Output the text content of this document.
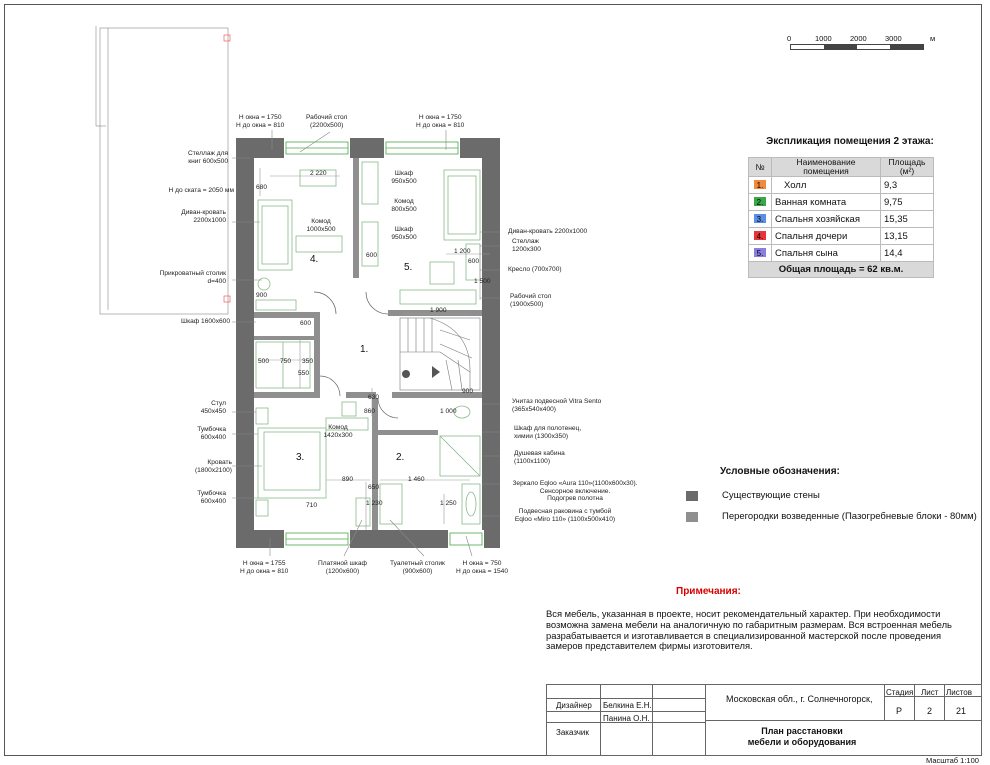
4.
5.
1.
3.	2.
Н окна = 1750
Н до окна = 810
Рабочий стол
(2200х500)
Н окна = 1750
Н до окна = 810
Стеллаж для
книг 600х500
Н до ската = 2050 мм
Диван-кровать
2200х1000
Прикроватный столик
d=400
Шкаф 1600х600
Стул
450х450
Тумбочка
600х400
Кровать
(1800х2100)
Тумбочка
600х400
Н окна = 1755
Н до окна = 810
Платяной шкаф
(1200х600)
Туалетный столик
(900х600)
Н окна = 750
Н до окна = 1540
Диван-кровать 2200х1000
Стеллаж
1200х300
Кресло (700х700)
Рабочий стол
(1900х500)
Унитаз подвесной Vitra Sento
(365х540х400)
Шкаф для полотенец,
химии (1300х350)
Душевая кабина
(1100х1100)
Зеркало Eqloo «Aura 110»(1100х600х30).
Сенсорное включение.
Подогрев полотна
Подвесная раковина с тумбой
Eqloo «Miro 110» (1100х500х410)
Комод
1000х500
Шкаф
950х500
Комод
800х500
Шкаф
950х500
Комод
1420х300
2 220
680
1 200
600
600
900
1 500
1 900
600
500 750 350
550
630
860	1 000
890	1 460
650
710	1 230	1 250
900
0	1000 2000 3000	м
Экспликация помещения 2 этажа:
№	Наименование помещения	Площадь (м²)
1.	Холл	9,3
2.	Ванная комната	9,75
3.	Спальня хозяйская	15,35
4.	Спальня дочери	13,15
5.	Спальня сына	14,4
Общая площадь = 62 кв.м.		
Условные обозначения:
Существующие стены
Перегородки возведенные (Пазогребневые блоки - 80мм)
Примечания:
Вся мебель, указанная в проекте, носит рекомендательный характер. При необходимости возможна замена мебели на аналогичную по габаритным размерам. Вся встроенная мебель разрабатывается и изготавливается в специализированной мастерской после проведения замеров представителем фирмы изготовителя.
Дизайнер Белкина Е.Н.
Панина О.Н.
Заказчик
Московская обл., г. Солнечногорск,
Стадия Лист Листов
Р	2	21
План расстановки
мебели и оборудования
Масштаб 1:100
